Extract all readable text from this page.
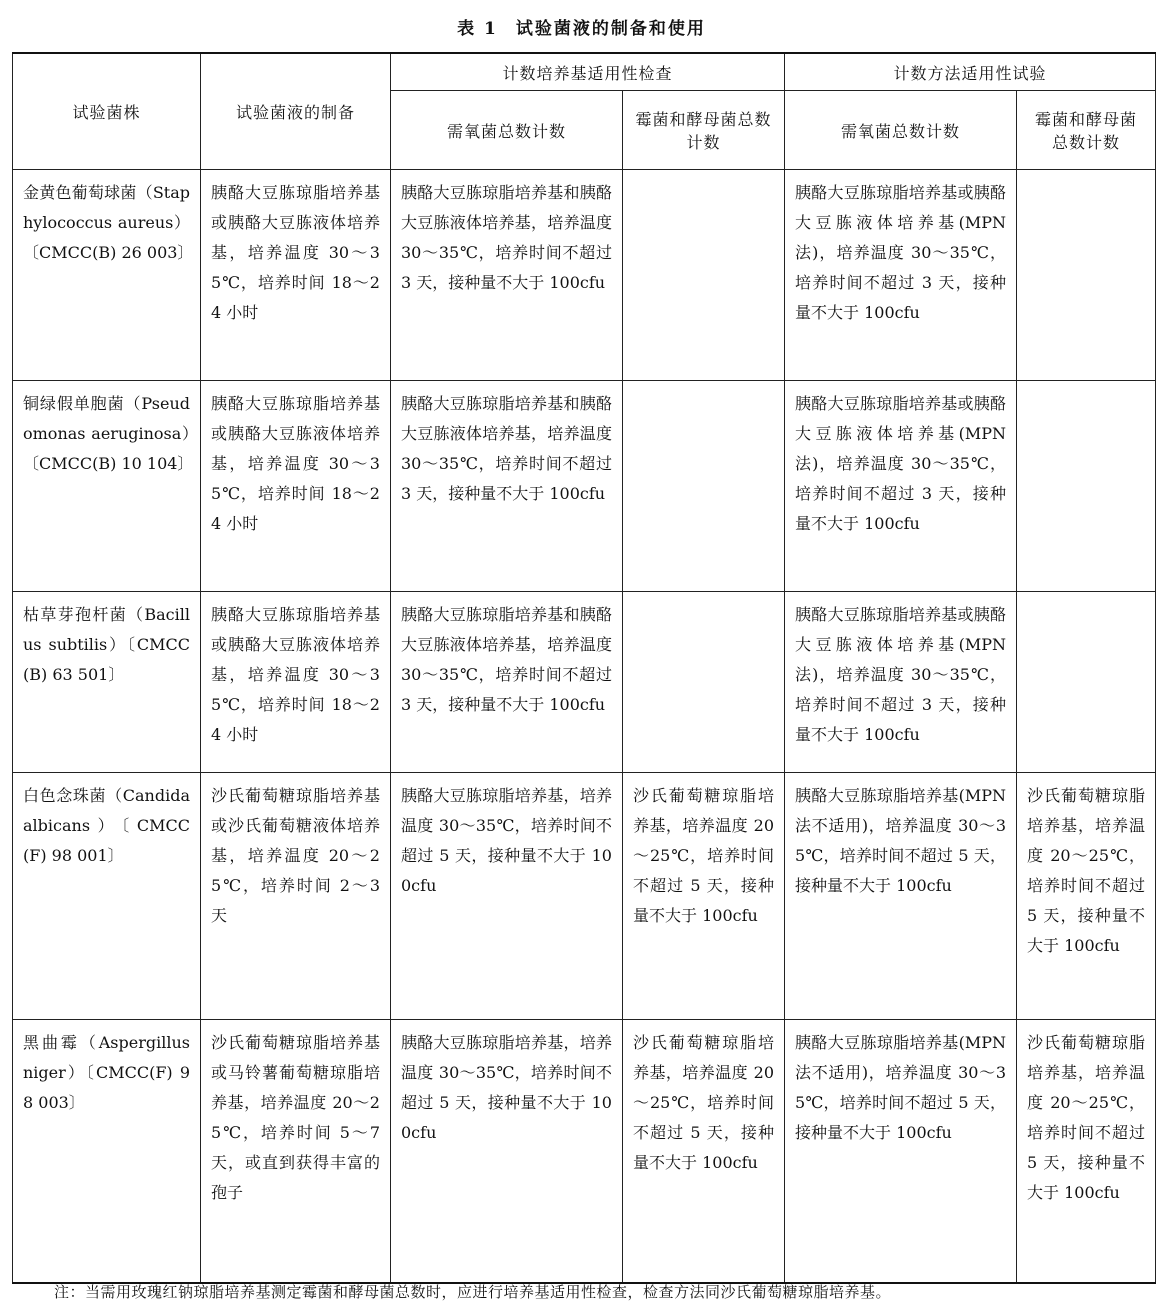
表 1 试验菌液的制备和使用
试验菌株	试验菌液的制备	计数培养基适用性检查		计数方法适用性试验	
		需氧菌总数计数	霉菌和酵母菌总数计数	需氧菌总数计数	霉菌和酵母菌总数计数
金黄色葡萄球菌（Staphylococcus aureus）〔CMCC(B) 26 003〕	胰酪大豆胨琼脂培养基或胰酪大豆胨液体培养基，培养温度 30～35℃，培养时间 18～24 小时	胰酪大豆胨琼脂培养基和胰酪大豆胨液体培养基，培养温度 30～35℃，培养时间不超过 3 天，接种量不大于 100cfu		胰酪大豆胨琼脂培养基或胰酪大豆胨液体培养基(MPN 法)，培养温度 30～35℃，培养时间不超过 3 天，接种量不大于 100cfu	
铜绿假单胞菌（Pseudomonas aeruginosa）〔CMCC(B) 10 104〕	胰酪大豆胨琼脂培养基或胰酪大豆胨液体培养基，培养温度 30～35℃，培养时间 18～24 小时	胰酪大豆胨琼脂培养基和胰酪大豆胨液体培养基，培养温度 30～35℃，培养时间不超过 3 天，接种量不大于 100cfu		胰酪大豆胨琼脂培养基或胰酪大豆胨液体培养基(MPN 法)，培养温度 30～35℃，培养时间不超过 3 天，接种量不大于 100cfu	
枯草芽孢杆菌（Bacillus subtilis）〔CMCC(B) 63 501〕	胰酪大豆胨琼脂培养基或胰酪大豆胨液体培养基，培养温度 30～35℃，培养时间 18～24 小时	胰酪大豆胨琼脂培养基和胰酪大豆胨液体培养基，培养温度 30～35℃，培养时间不超过 3 天，接种量不大于 100cfu		胰酪大豆胨琼脂培养基或胰酪大豆胨液体培养基(MPN 法)，培养温度 30～35℃，培养时间不超过 3 天，接种量不大于 100cfu	
白色念珠菌（Candida albicans）〔CMCC(F) 98 001〕	沙氏葡萄糖琼脂培养基或沙氏葡萄糖液体培养基，培养温度 20～25℃，培养时间 2～3 天	胰酪大豆胨琼脂培养基，培养温度 30～35℃，培养时间不超过 5 天，接种量不大于 100cfu	沙氏葡萄糖琼脂培养基，培养温度 20～25℃，培养时间不超过 5 天，接种量不大于 100cfu	胰酪大豆胨琼脂培养基(MPN 法不适用)，培养温度 30～35℃，培养时间不超过 5 天，接种量不大于 100cfu	沙氏葡萄糖琼脂培养基，培养温度 20～25℃，培养时间不超过 5 天，接种量不大于 100cfu
黑曲霉（Aspergillus niger）〔CMCC(F) 98 003〕	沙氏葡萄糖琼脂培养基或马铃薯葡萄糖琼脂培养基，培养温度 20～25℃，培养时间 5～7 天，或直到获得丰富的孢子	胰酪大豆胨琼脂培养基，培养温度 30～35℃，培养时间不超过 5 天，接种量不大于 100cfu	沙氏葡萄糖琼脂培养基，培养温度 20～25℃，培养时间不超过 5 天，接种量不大于 100cfu	胰酪大豆胨琼脂培养基(MPN 法不适用)，培养温度 30～35℃，培养时间不超过 5 天，接种量不大于 100cfu	沙氏葡萄糖琼脂培养基，培养温度 20～25℃，培养时间不超过 5 天，接种量不大于 100cfu
注：当需用玫瑰红钠琼脂培养基测定霉菌和酵母菌总数时，应进行培养基适用性检查，检查方法同沙氏葡萄糖琼脂培养基。
